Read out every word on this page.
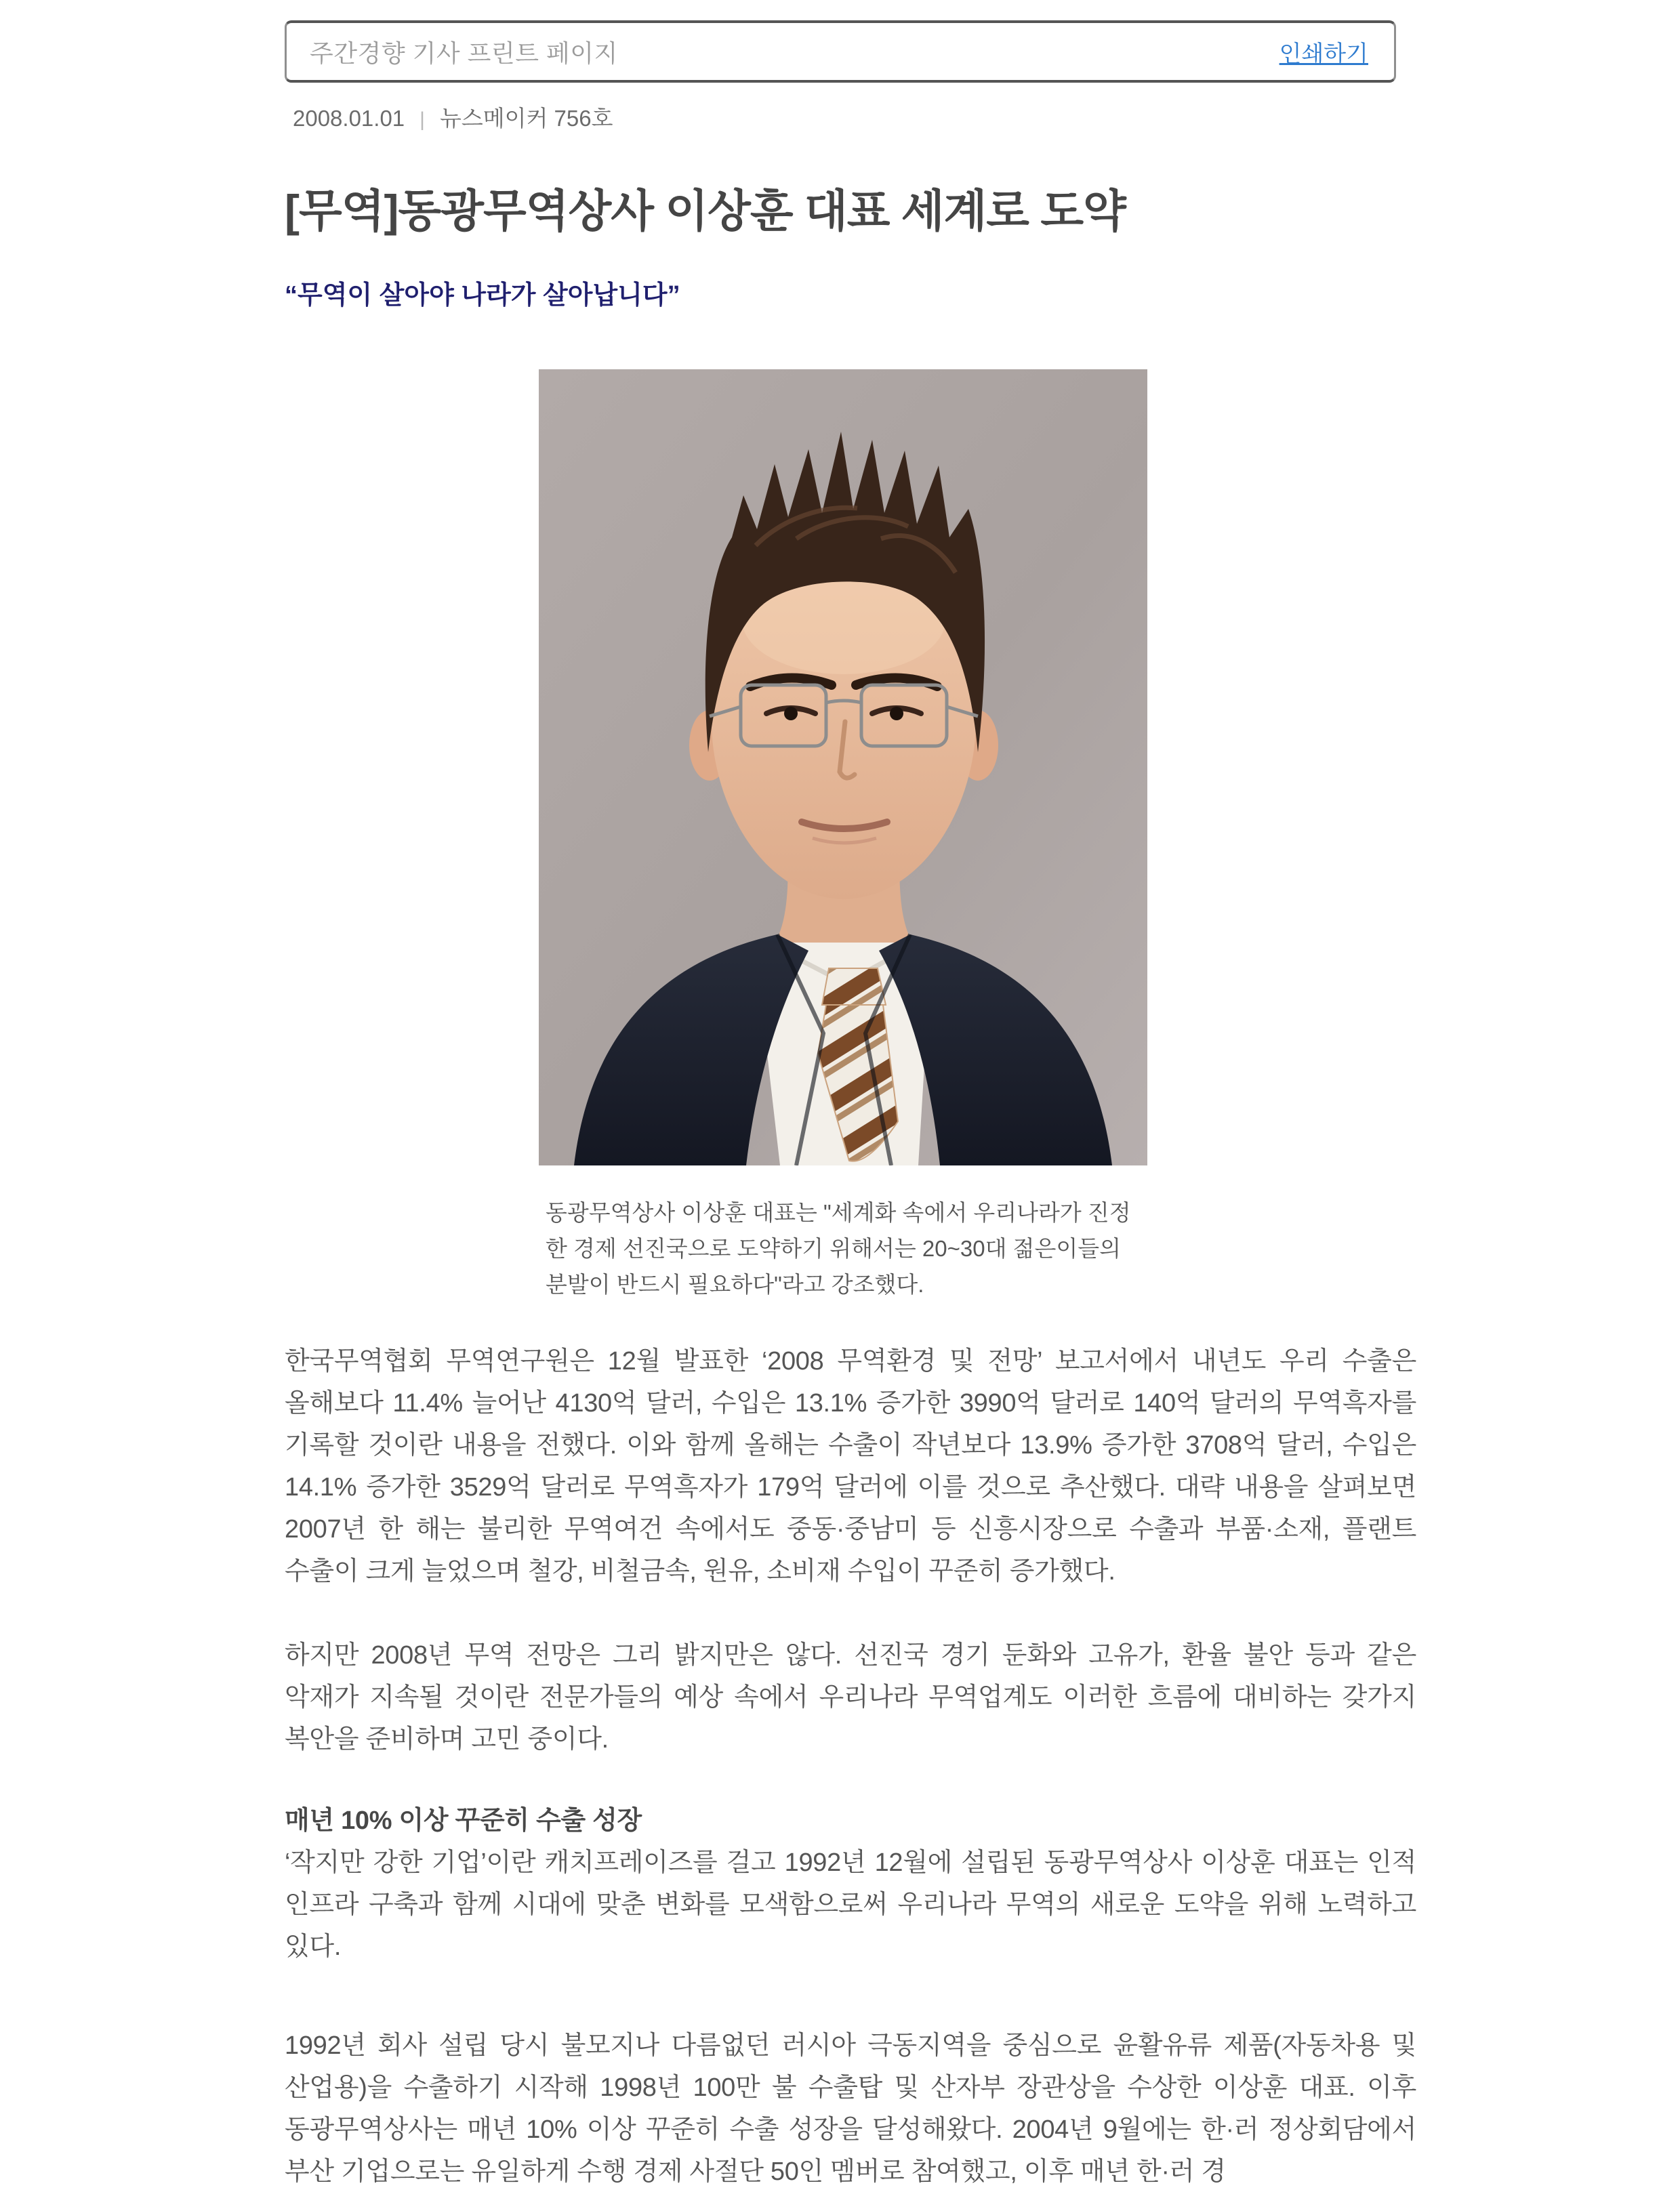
주간경향 기사 프린트 페이지	인쇄하기
2008.01.01 | 뉴스메이커 756호
[무역]동광무역상사 이상훈 대표 세계로 도약
“무역이 살아야 나라가 살아납니다”
동광무역상사 이상훈 대표는 "세계화 속에서 우리나라가 진정한 경제 선진국으로 도약하기 위해서는 20~30대 젊은이들의 분발이 반드시 필요하다"라고 강조했다.

한국무역협회 무역연구원은 12월 발표한 ‘2008 무역환경 및 전망’ 보고서에서 내년도 우리 수출은 올해보다 11.4% 늘어난 4130억 달러, 수입은 13.1% 증가한 3990억 달러로 140억 달러의 무역흑자를 기록할 것이란 내용을 전했다. 이와 함께 올해는 수출이 작년보다 13.9% 증가한 3708억 달러, 수입은 14.1% 증가한 3529억 달러로 무역흑자가 179억 달러에 이를 것으로 추산했다. 대략 내용을 살펴보면 2007년 한 해는 불리한 무역여건 속에서도 중동·중남미 등 신흥시장으로 수출과 부품·소재, 플랜트 수출이 크게 늘었으며 철강, 비철금속, 원유, 소비재 수입이 꾸준히 증가했다.

하지만 2008년 무역 전망은 그리 밝지만은 않다. 선진국 경기 둔화와 고유가, 환율 불안 등과 같은 악재가 지속될 것이란 전문가들의 예상 속에서 우리나라 무역업계도 이러한 흐름에 대비하는 갖가지 복안을 준비하며 고민 중이다.

매년 10% 이상 꾸준히 수출 성장

‘작지만 강한 기업’이란 캐치프레이즈를 걸고 1992년 12월에 설립된 동광무역상사 이상훈 대표는 인적 인프라 구축과 함께 시대에 맞춘 변화를 모색함으로써 우리나라 무역의 새로운 도약을 위해 노력하고 있다.

1992년 회사 설립 당시 불모지나 다름없던 러시아 극동지역을 중심으로 윤활유류 제품(자동차용 및 산업용)을 수출하기 시작해 1998년 100만 불 수출탑 및 산자부 장관상을 수상한 이상훈 대표. 이후 동광무역상사는 매년 10% 이상 꾸준히 수출 성장을 달성해왔다. 2004년 9월에는 한·러 정상회담에서 부산 기업으로는 유일하게 수행 경제 사절단 50인 멤버로 참여했고, 이후 매년 한·러 경
